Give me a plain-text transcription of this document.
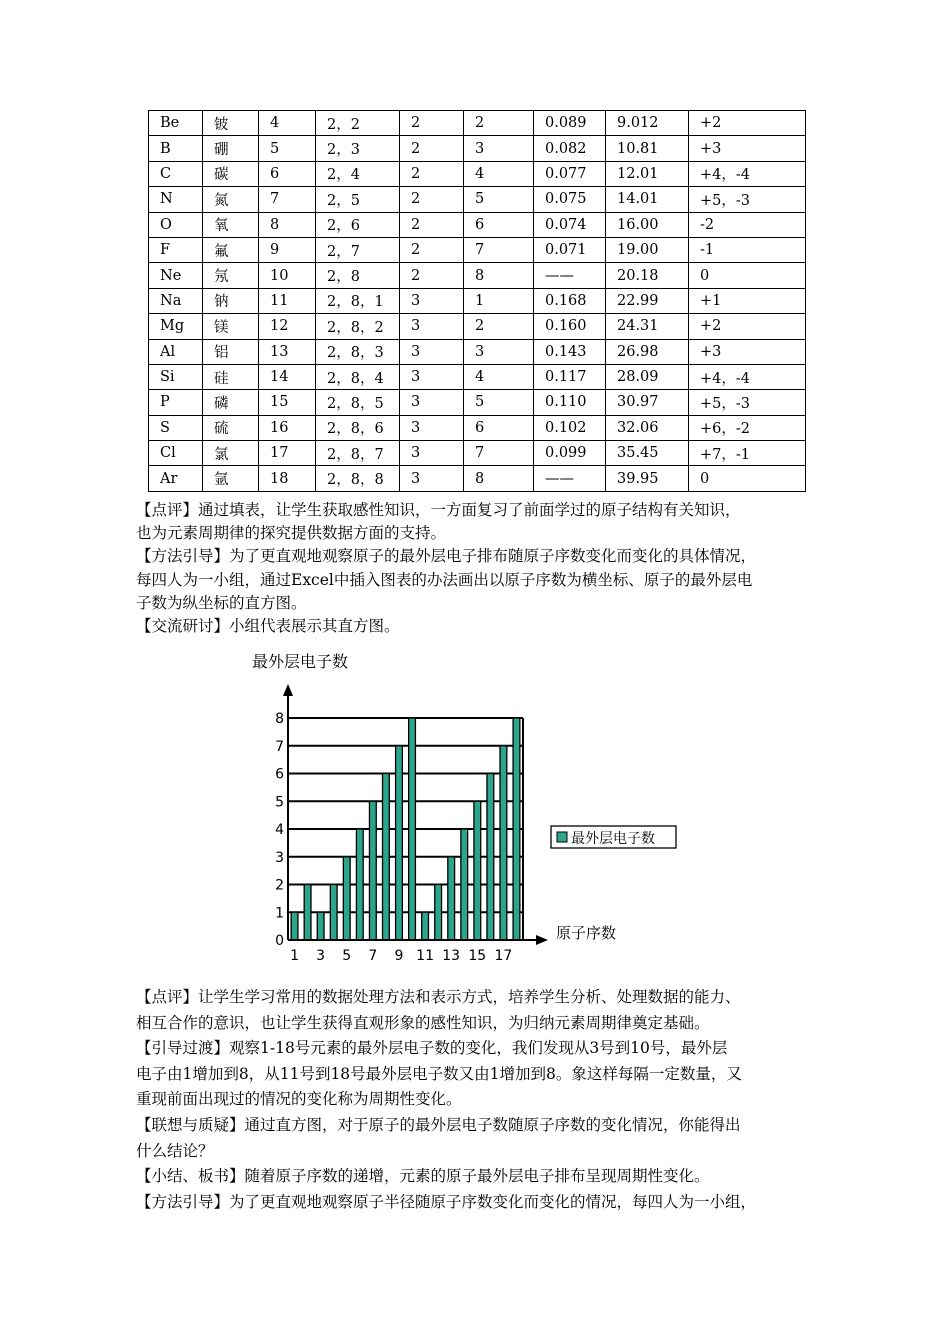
Be	铍	4	2，2	2	2	0.089	9.012	+2
B	硼	5	2，3	2	3	0.082	10.81	+3
C	碳	6	2，4	2	4	0.077	12.01	+4，-4
N	氮	7	2，5	2	5	0.075	14.01	+5，-3
O	氧	8	2，6	2	6	0.074	16.00	-2
F	氟	9	2，7	2	7	0.071	19.00	-1
Ne	氖	10	2，8	2	8	——	20.18	0
Na	钠	11	2，8，1	3	1	0.168	22.99	+1
Mg	镁	12	2，8，2	3	2	0.160	24.31	+2
Al	铝	13	2，8，3	3	3	0.143	26.98	+3
Si	硅	14	2，8，4	3	4	0.117	28.09	+4，-4
P	磷	15	2，8，5	3	5	0.110	30.97	+5，-3
S	硫	16	2，8，6	3	6	0.102	32.06	+6，-2
Cl	氯	17	2，8，7	3	7	0.099	35.45	+7，-1
Ar	氩	18	2，8，8	3	8	——	39.95	0

【点评】通过填表，让学生获取感性知识，一方面复习了前面学过的原子结构有关知识，

也为元素周期律的探究提供数据方面的支持。

【方法引导】为了更直观地观察原子的最外层电子排布随原子序数变化而变化的具体情况，

每四人为一小组，通过Excel中插入图表的办法画出以原子序数为横坐标、原子的最外层电

子数为纵坐标的直方图。

【交流研讨】小组代表展示其直方图。

最外层电子数
0
1
2
3
4
5
6
7
8
1 3 5 7 9 11 13 15 17
原子序数
最外层电子数

【点评】让学生学习常用的数据处理方法和表示方式，培养学生分析、处理数据的能力、

相互合作的意识，也让学生获得直观形象的感性知识，为归纳元素周期律奠定基础。

【引导过渡】观察1-18号元素的最外层电子数的变化，我们发现从3号到10号，最外层

电子由1增加到8，从11号到18号最外层电子数又由1增加到8。象这样每隔一定数量，又

重现前面出现过的情况的变化称为周期性变化。

【联想与质疑】通过直方图，对于原子的最外层电子数随原子序数的变化情况，你能得出

什么结论？

【小结、板书】随着原子序数的递增，元素的原子最外层电子排布呈现周期性变化。

【方法引导】为了更直观地观察原子半径随原子序数变化而变化的情况，每四人为一小组，
